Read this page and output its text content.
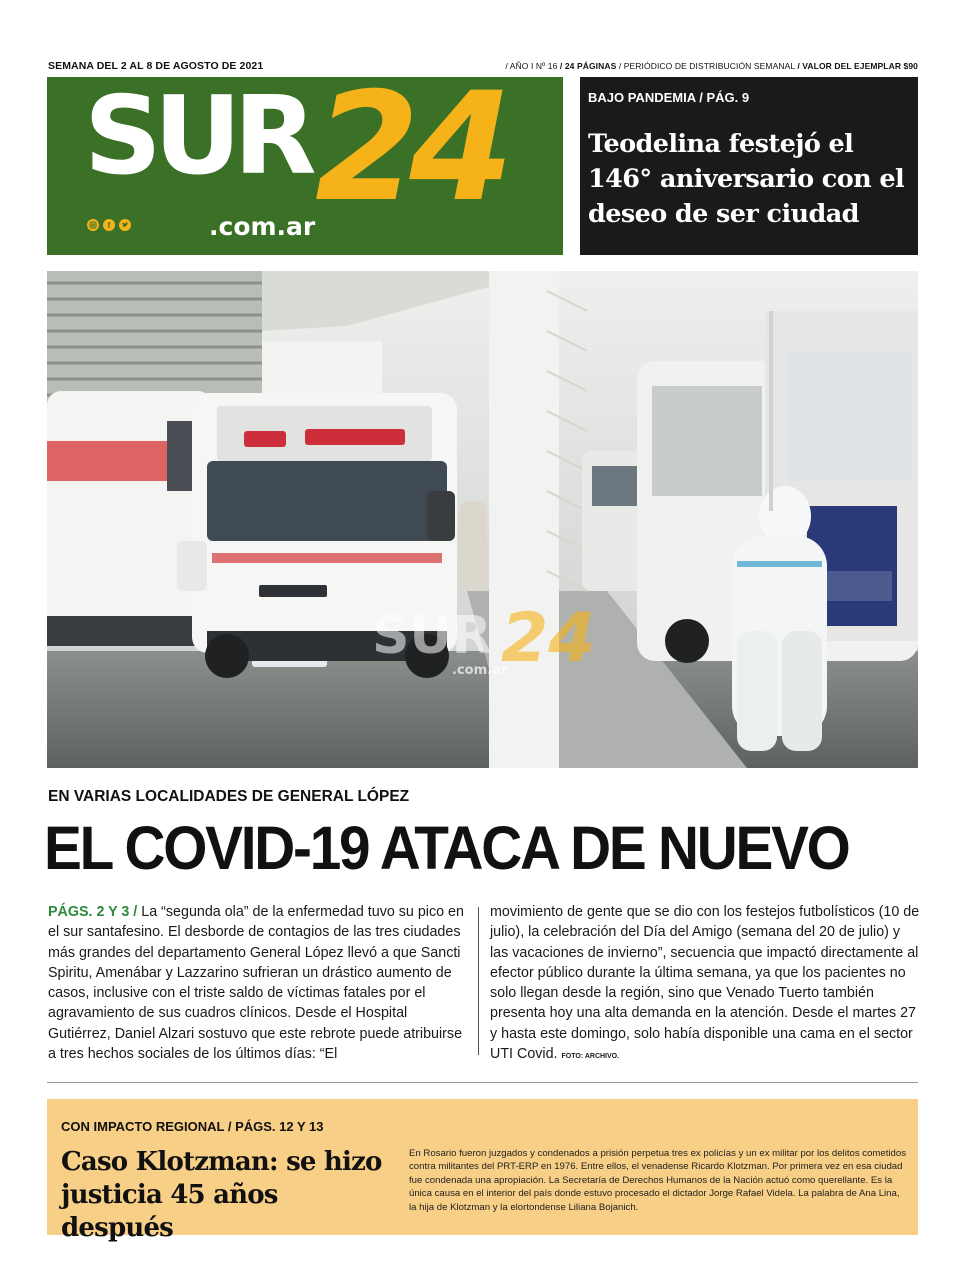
SEMANA DEL 2 AL 8 DE AGOSTO DE 2021	/ AÑO I Nº 16 / 24 PÁGINAS / PERIÓDICO DE DISTRIBUCIÓN SEMANAL / VALOR DEL EJEMPLAR $90
SUR 24
.com.ar
f
BAJO PANDEMIA / PÁG. 9
Teodelina festejó el 146° aniversario con el deseo de ser ciudad
SUR 24
.com.ar
EN VARIAS LOCALIDADES DE GENERAL LÓPEZ
EL COVID-19 ATACA DE NUEVO
PÁGS. 2 Y 3 / La “segunda ola” de la enfermedad tuvo su pico en el sur santafesino. El desborde de contagios de las tres ciudades más grandes del departamento General López llevó a que Sancti Spiritu, Amenábar y Lazzarino sufrieran un drástico aumento de casos, inclusive con el triste saldo de víctimas fatales por el agravamiento de sus cuadros clínicos. Desde el Hospital Gutiérrez, Daniel Alzari sostuvo que este rebrote puede atribuirse a tres hechos sociales de los últimos días: “El
movimiento de gente que se dio con los festejos futbolísticos (10 de julio), la celebración del Día del Amigo (semana del 20 de julio) y las vacaciones de invierno”, secuencia que impactó directamente al efector público durante la última semana, ya que los pacientes no solo llegan desde la región, sino que Venado Tuerto también presenta hoy una alta demanda en la atención. Desde el martes 27 y hasta este domingo, solo había disponible una cama en el sector UTI Covid. FOTO: ARCHIVO.
CON IMPACTO REGIONAL / PÁGS. 12 Y 13
Caso Klotzman: se hizo justicia 45 años después
En Rosario fueron juzgados y condenados a prisión perpetua tres ex policías y un ex militar por los delitos cometidos contra militantes del PRT-ERP en 1976. Entre ellos, el venadense Ricardo Klotzman. Por primera vez en esa ciudad fue condenada una apropiación. La Secretaría de Derechos Humanos de la Nación actuó como querellante. Es la única causa en el interior del país donde estuvo procesado el dictador Jorge Rafael Videla. La palabra de Ana Lina, la hija de Klotzman y la elortondense Liliana Bojanich.
